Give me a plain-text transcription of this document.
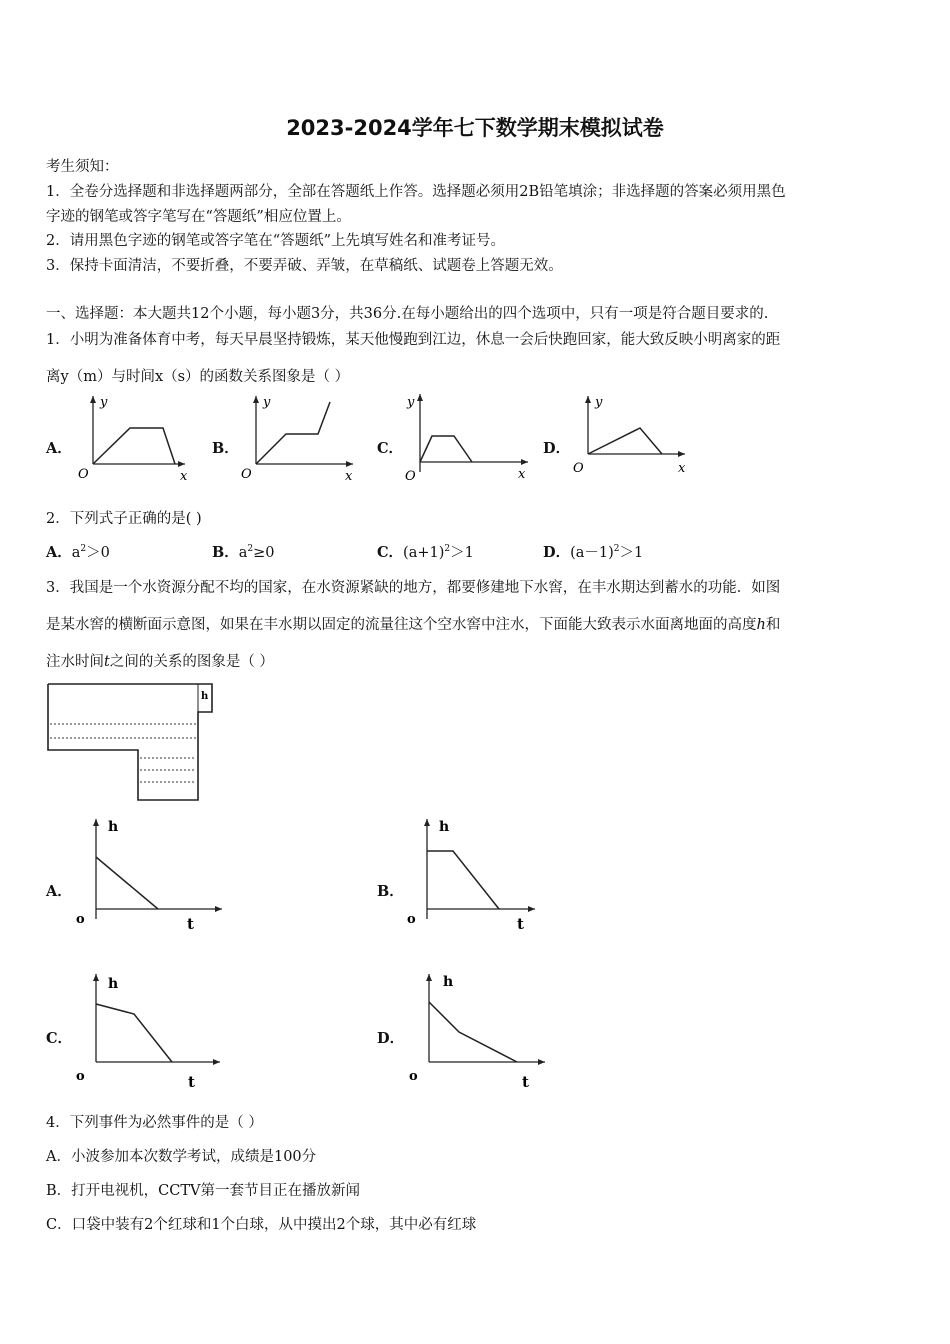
2023-2024学年七下数学期末模拟试卷
考生须知：
1．全卷分选择题和非选择题两部分，全部在答题纸上作答。选择题必须用2B铅笔填涂；非选择题的答案必须用黑色
字迹的钢笔或答字笔写在“答题纸”相应位置上。
2．请用黑色字迹的钢笔或答字笔在“答题纸”上先填写姓名和准考证号。
3．保持卡面清洁，不要折叠，不要弄破、弄皱，在草稿纸、试题卷上答题无效。
一、选择题：本大题共12个小题，每小题3分，共36分.在每小题给出的四个选项中，只有一项是符合题目要求的.
1．小明为准备体育中考，每天早晨坚持锻炼，某天他慢跑到江边，休息一会后快跑回家，能大致反映小明离家的距
离y（m）与时间x（s）的函数关系图象是（ ）
A．
y
x
O
B．
y
x
O
C．
y
x
O
D．
y
x
O
2．下列式子正确的是( )
A．$a^2>0$	B．$a^2\ge 0$	C．$(a+1)^2>1$	D．$(a-1)^2>1$
3．我国是一个水资源分配不均的国家，在水资源紧缺的地方，都要修建地下水窖，在丰水期达到蓄水的功能．如图
是某水窖的横断面示意图，如果在丰水期以固定的流量往这个空水窖中注水，下面能大致表示水面离地面的高度h和
注水时间t之间的关系的图象是（ ）
h
A．
h
t
o
B．
h
t
o
C．
h
t
o
D．
h
t
o
4．下列事件为必然事件的是（ ）
A．小波参加本次数学考试，成绩是100分
B．打开电视机，CCTV第一套节目正在播放新闻
C．口袋中装有2个红球和1个白球，从中摸出2个球，其中必有红球
